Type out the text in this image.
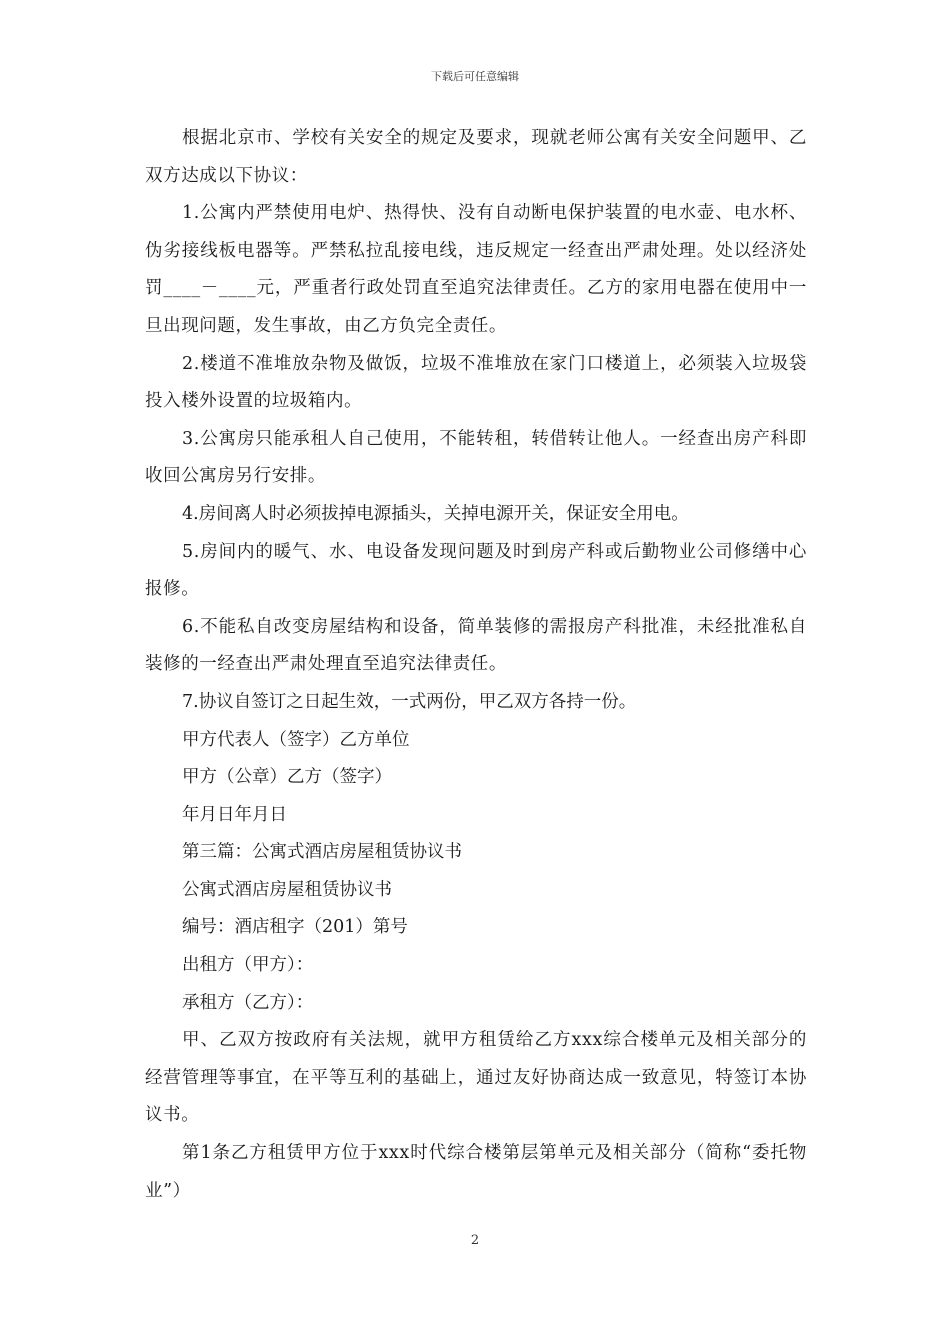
下载后可任意编辑

根据北京市、学校有关安全的规定及要求，现就老师公寓有关安全问题甲、乙双方达成以下协议：

1.公寓内严禁使用电炉、热得快、没有自动断电保护装置的电水壶、电水杯、伪劣接线板电器等。严禁私拉乱接电线，违反规定一经查出严肃处理。处以经济处罚____－____元，严重者行政处罚直至追究法律责任。乙方的家用电器在使用中一旦出现问题，发生事故，由乙方负完全责任。

2.楼道不准堆放杂物及做饭，垃圾不准堆放在家门口楼道上，必须装入垃圾袋投入楼外设置的垃圾箱内。

3.公寓房只能承租人自己使用，不能转租，转借转让他人。一经查出房产科即收回公寓房另行安排。

4.房间离人时必须拔掉电源插头，关掉电源开关，保证安全用电。

5.房间内的暖气、水、电设备发现问题及时到房产科或后勤物业公司修缮中心报修。

6.不能私自改变房屋结构和设备，简单装修的需报房产科批准，未经批准私自装修的一经查出严肃处理直至追究法律责任。

7.协议自签订之日起生效，一式两份，甲乙双方各持一份。

甲方代表人（签字）乙方单位

甲方（公章）乙方（签字）

年月日年月日

第三篇：公寓式酒店房屋租赁协议书

公寓式酒店房屋租赁协议书

编号：酒店租字（201）第号

出租方（甲方）：

承租方（乙方）：

甲、乙双方按政府有关法规，就甲方租赁给乙方xxx综合楼单元及相关部分的经营管理等事宜，在平等互利的基础上，通过友好协商达成一致意见，特签订本协议书。

第1条乙方租赁甲方位于xxx时代综合楼第层第单元及相关部分（简称“委托物业”）

2
